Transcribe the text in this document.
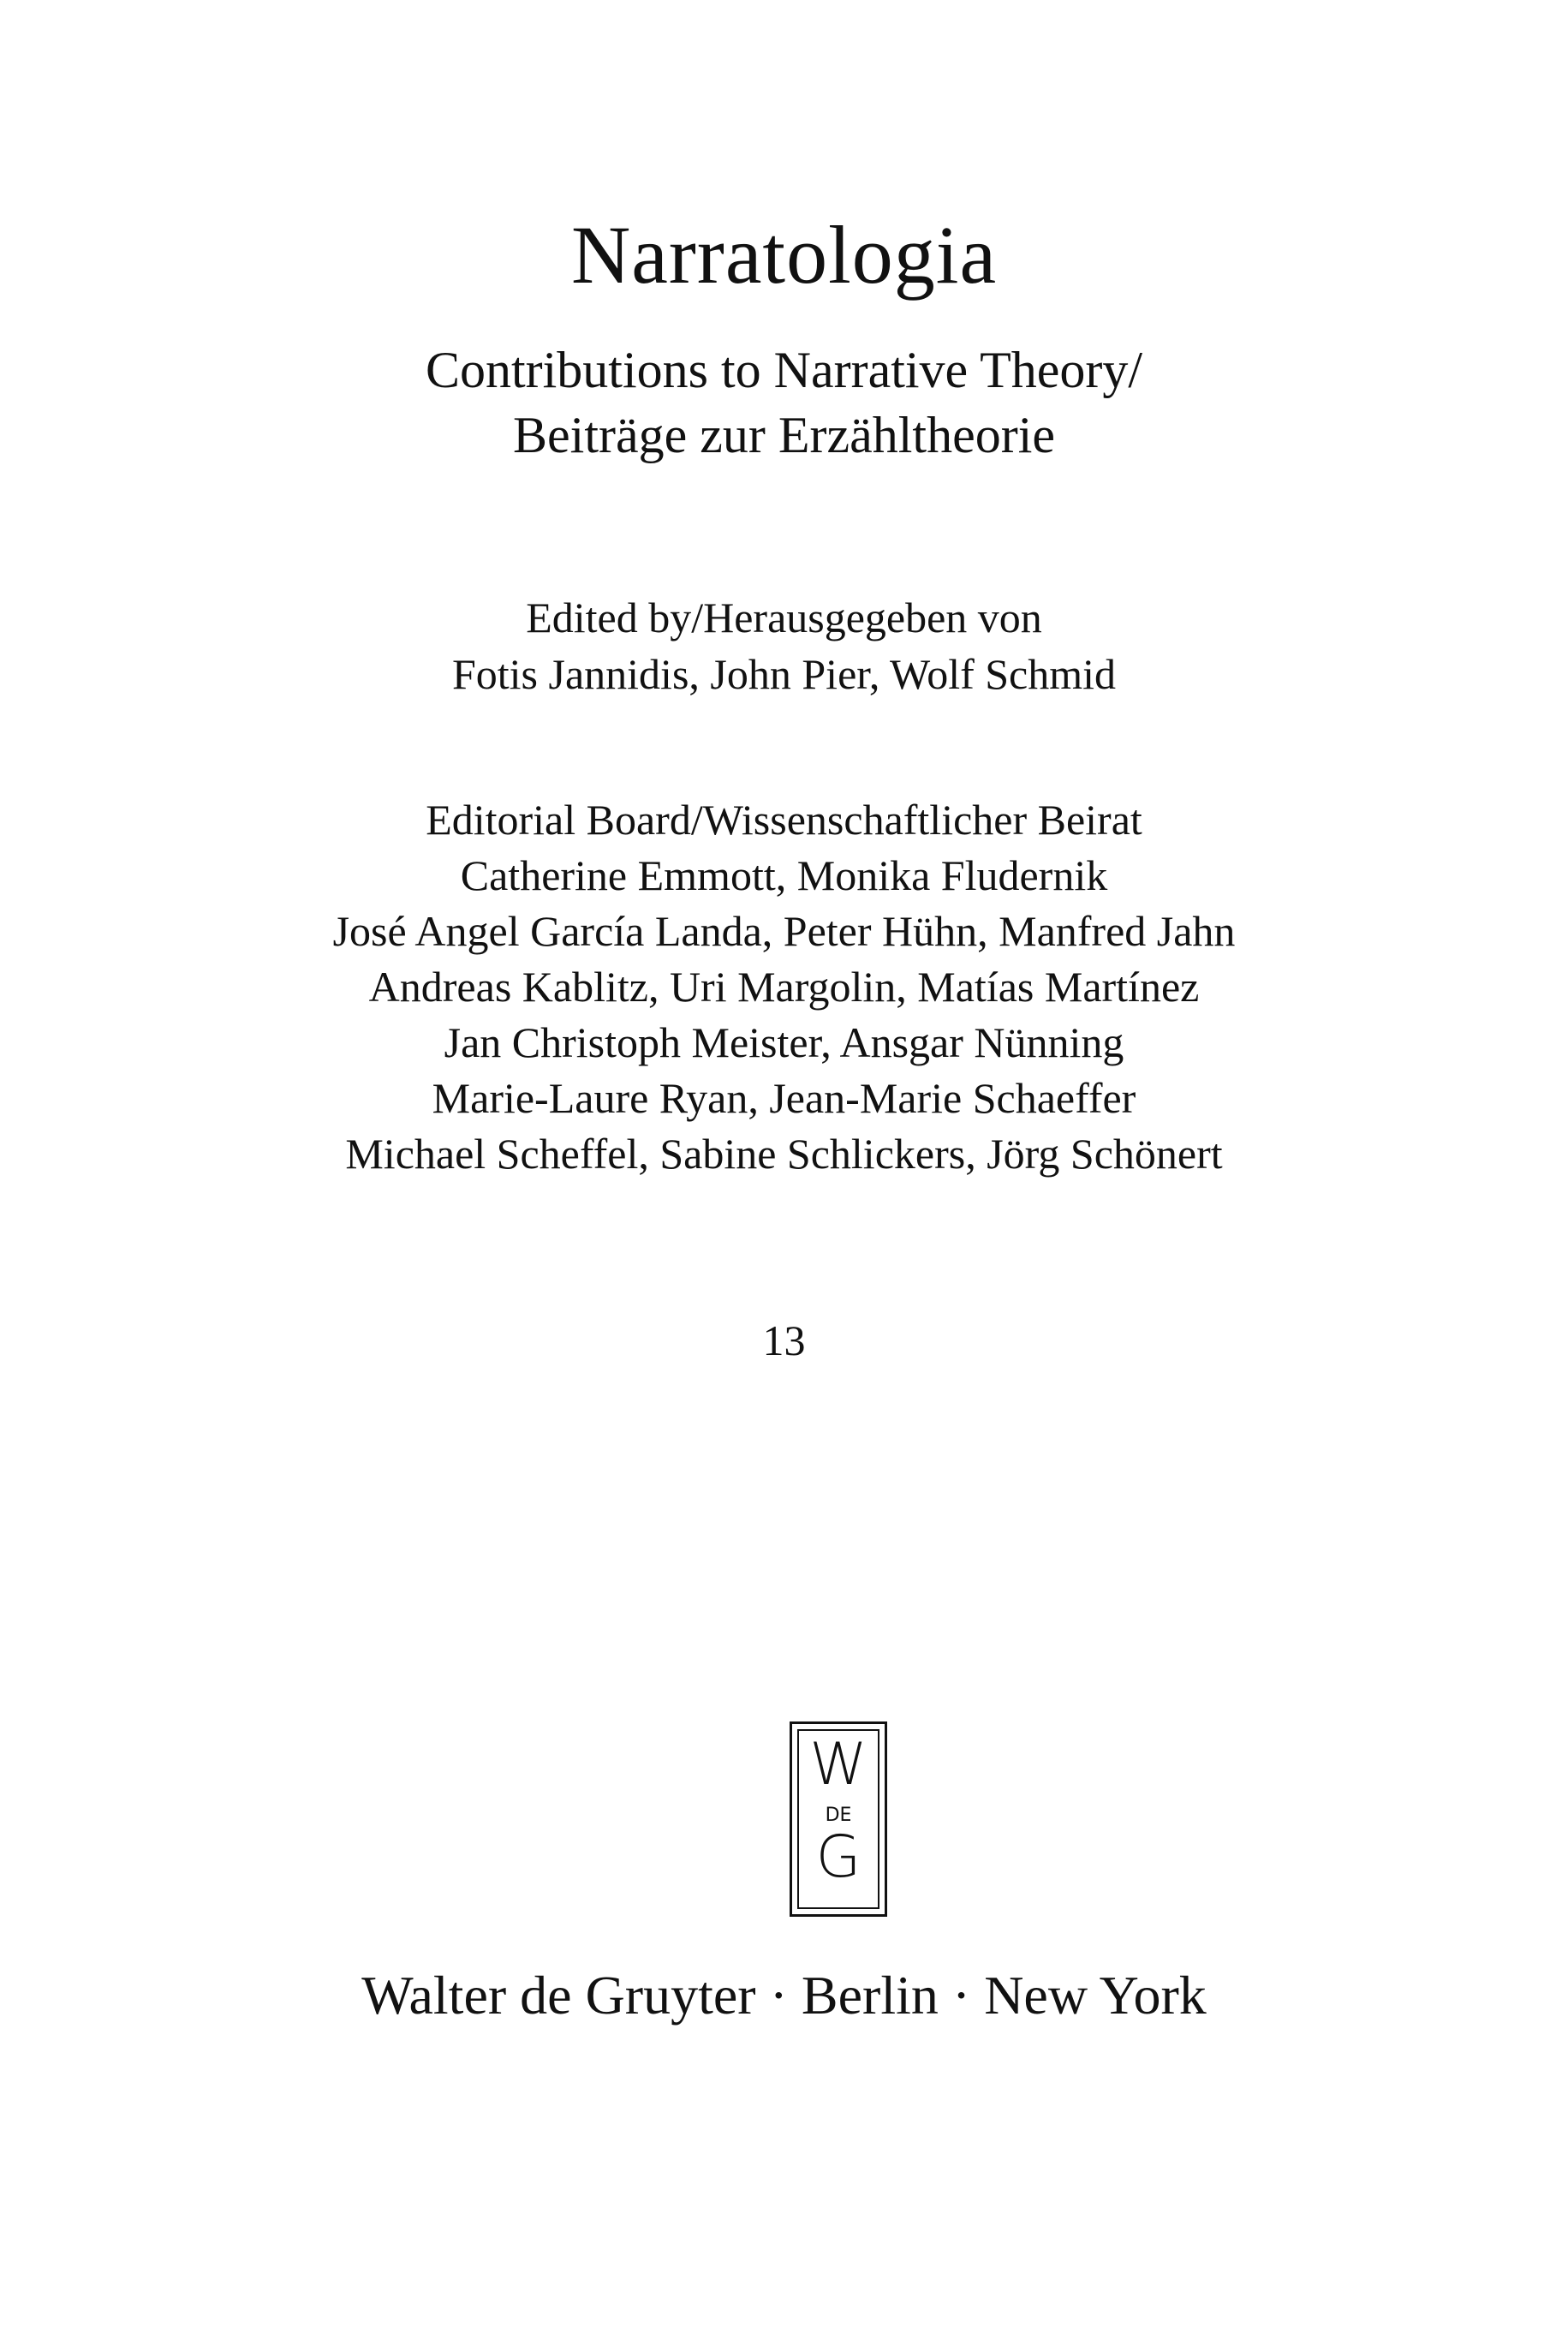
Narratologia
Contributions to Narrative Theory/
Beiträge zur Erzähltheorie
Edited by/Herausgegeben von
Fotis Jannidis, John Pier, Wolf Schmid
Editorial Board/Wissenschaftlicher Beirat
Catherine Emmott, Monika Fludernik
José Angel García Landa, Peter Hühn, Manfred Jahn
Andreas Kablitz, Uri Margolin, Matías Martínez
Jan Christoph Meister, Ansgar Nünning
Marie-Laure Ryan, Jean-Marie Schaeffer
Michael Scheffel, Sabine Schlickers, Jörg Schönert
13
W
DE
G
Walter de Gruyter · Berlin · New York
